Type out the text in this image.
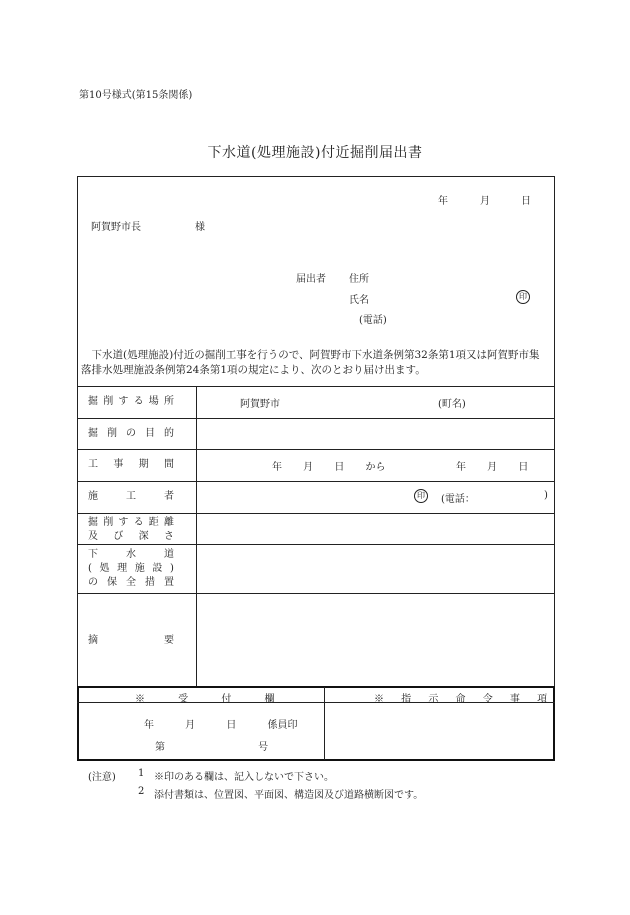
第10号様式(第15条関係)
下水道(処理施設)付近掘削届出書
年	月	日
阿賀野市長	様
届出者 住所
氏名	印
(電話)
下水道(処理施設)付近の掘削工事を行うので、阿賀野市下水道条例第32条第1項又は阿賀野市集落排水処理施設条例第24条第1項の規定により、次のとおり届け出ます。
掘 削 す る 場 所	阿賀野市	(町名)
掘 削 の 目 的
工 事 期 間	年 月 日 から	年 月 日
施	工	者	印	(電話：	)
掘 削 す る 距 離
及 び 深 さ
下	水	道
( 処 理 施 設 )
の 保 全 措 置
摘	要
※ 受 付 欄	※ 指 示 命 令 事 項
年 月 日 係員印
第 号
(注意) 1 ※印のある欄は、記入しないで下さい。
2 添付書類は、位置図、平面図、構造図及び道路横断図です。
